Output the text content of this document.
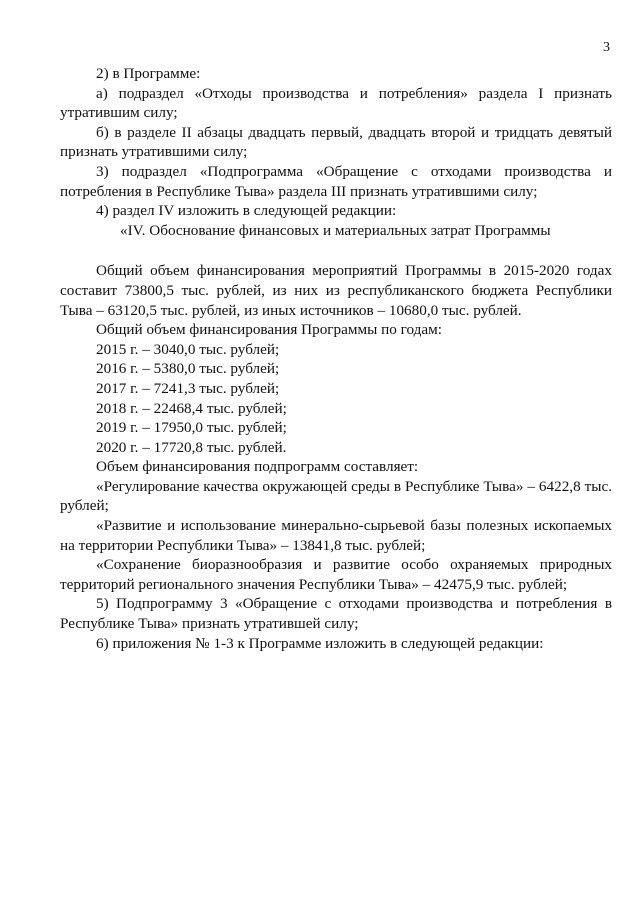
3

2) в Программе:

а) подраздел «Отходы производства и потребления» раздела I признать утратившим силу;

б) в разделе II абзацы двадцать первый, двадцать второй и тридцать девятый признать утратившими силу;

3) подраздел «Подпрограмма «Обращение с отходами производства и потребления в Республике Тыва» раздела III признать утратившими силу;

4) раздел IV изложить в следующей редакции:

«IV. Обоснование финансовых и материальных затрат Программы

Общий объем финансирования мероприятий Программы в 2015-2020 годах составит 73800,5 тыс. рублей, из них из республиканского бюджета Республики Тыва – 63120,5 тыс. рублей, из иных источников – 10680,0 тыс. рублей.

Общий объем финансирования Программы по годам:

2015 г. – 3040,0 тыс. рублей;
2016 г. – 5380,0 тыс. рублей;
2017 г. – 7241,3 тыс. рублей;
2018 г. – 22468,4 тыс. рублей;
2019 г. – 17950,0 тыс. рублей;
2020 г. – 17720,8 тыс. рублей.

Объем финансирования подпрограмм составляет:

«Регулирование качества окружающей среды в Республике Тыва» – 6422,8 тыс. рублей;

«Развитие и использование минерально-сырьевой базы полезных ископаемых на территории Республики Тыва» – 13841,8 тыс. рублей;

«Сохранение биоразнообразия и развитие особо охраняемых природных территорий регионального значения Республики Тыва» – 42475,9 тыс. рублей;

5) Подпрограмму 3 «Обращение с отходами производства и потребления в Республике Тыва» признать утратившей силу;

6) приложения № 1-3 к Программе изложить в следующей редакции:
